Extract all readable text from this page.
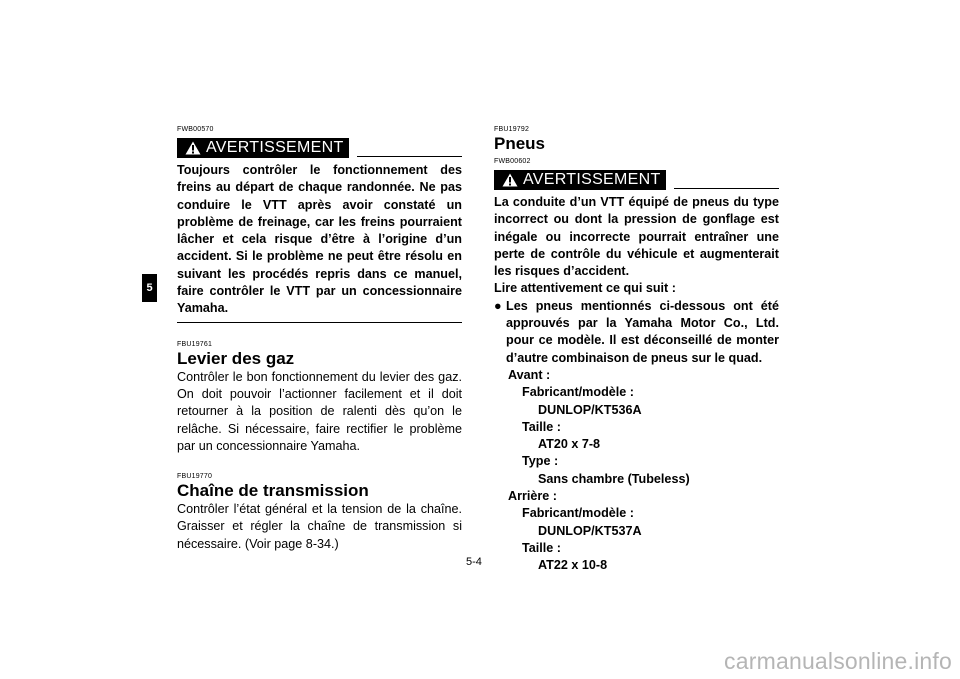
5
FWB00570
AVERTISSEMENT
Toujours contrôler le fonctionnement des freins au départ de chaque randonnée. Ne pas conduire le VTT après avoir constaté un problème de freinage, car les freins pourraient lâcher et cela risque d’être à l’origine d’un accident. Si le problème ne peut être résolu en suivant les procédés repris dans ce manuel, faire contrôler le VTT par un concessionnaire Yamaha.
FBU19761
Levier des gaz
Contrôler le bon fonctionnement du levier des gaz. On doit pouvoir l’actionner facilement et il doit retourner à la position de ralenti dès qu’on le relâche. Si nécessaire, faire rectifier le problème par un concessionnaire Yamaha.
FBU19770
Chaîne de transmission
Contrôler l’état général et la tension de la chaîne. Graisser et régler la chaîne de transmission si nécessaire. (Voir page 8-34.)
FBU19792
Pneus
FWB00602
AVERTISSEMENT
La conduite d’un VTT équipé de pneus du type incorrect ou dont la pression de gonflage est inégale ou incorrecte pourrait entraîner une perte de contrôle du véhicule et augmenterait les risques d’accident.
Lire attentivement ce qui suit :
● Les pneus mentionnés ci-dessous ont été approuvés par la Yamaha Motor Co., Ltd. pour ce modèle. Il est déconseillé de monter d’autre combinaison de pneus sur le quad.
Avant :
Fabricant/modèle :
DUNLOP/KT536A
Taille :
AT20 x 7-8
Type :
Sans chambre (Tubeless)
Arrière :
Fabricant/modèle :
DUNLOP/KT537A
Taille :
AT22 x 10-8
5-4
carmanualsonline.info
